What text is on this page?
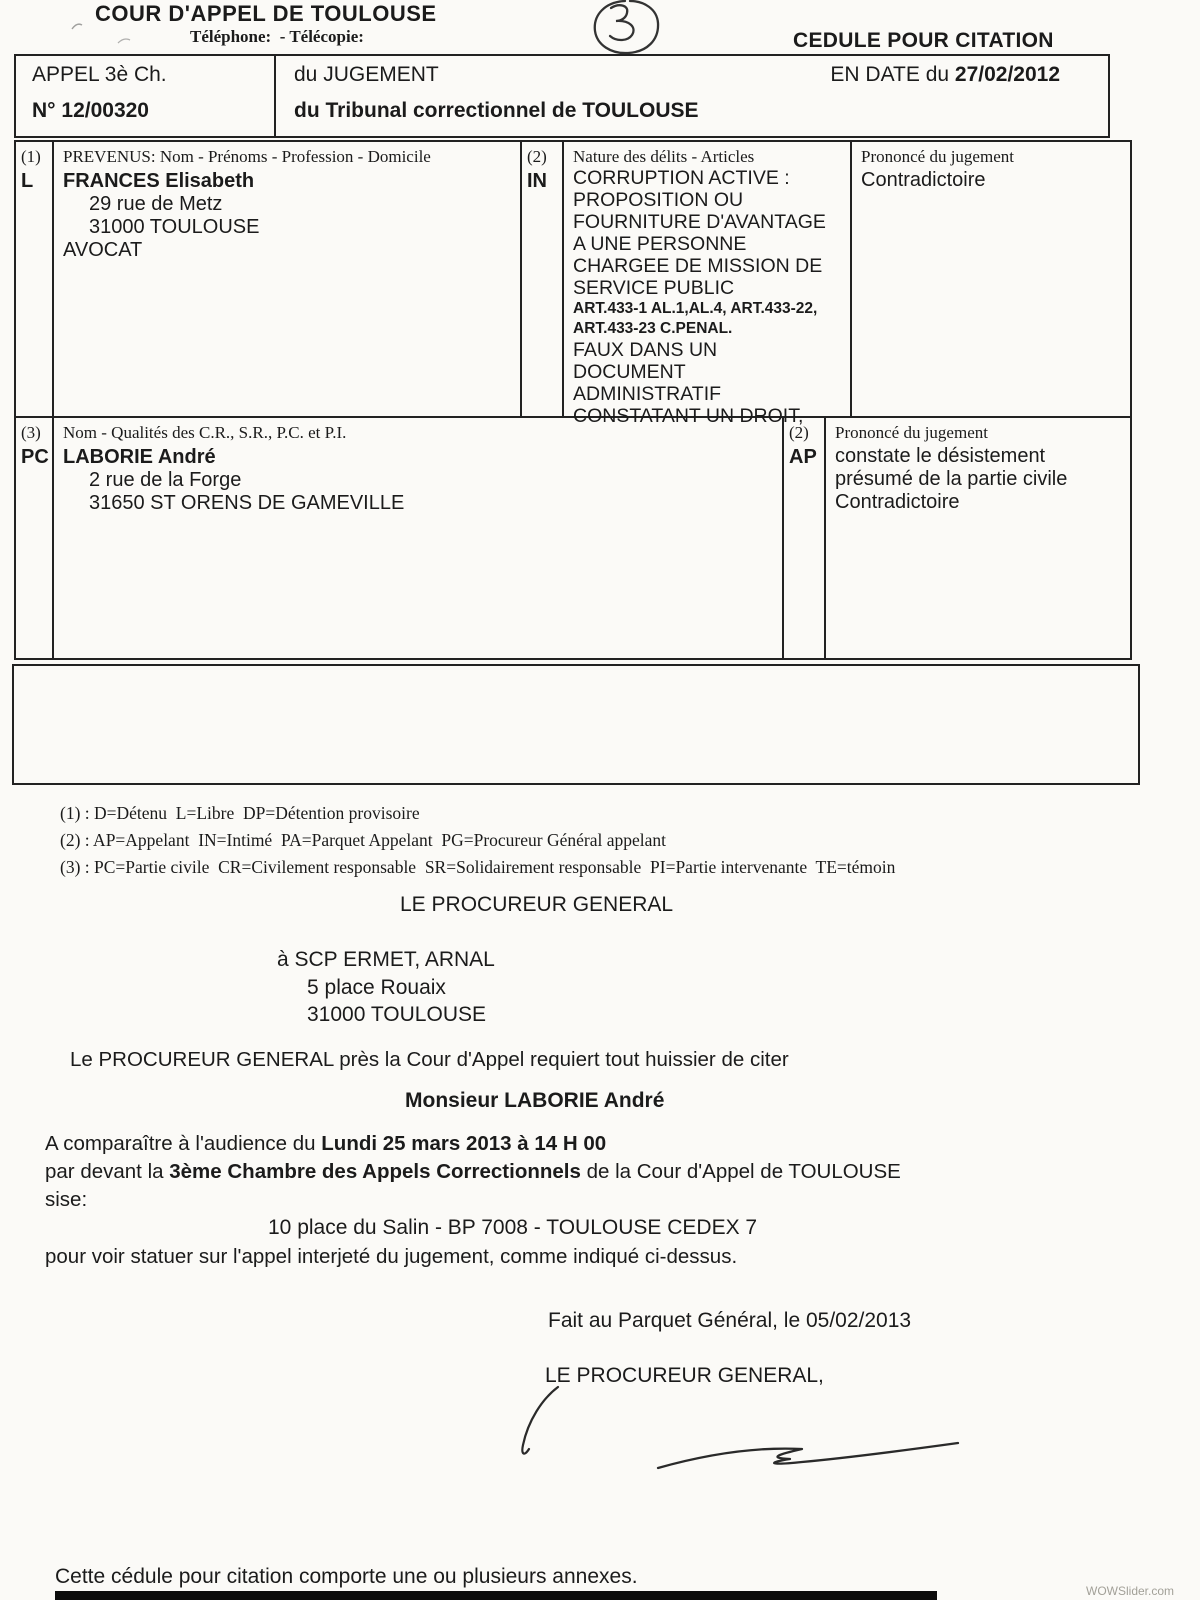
COUR D'APPEL DE TOULOUSE
Téléphone:  - Télécopie:	CEDULE POUR CITATION
APPEL 3è Ch.
N° 12/00320
du JUGEMENT
du Tribunal correctionnel de TOULOUSE
EN DATE du 27/02/2012
(1)
L
PREVENUS: Nom - Prénoms - Profession - Domicile
FRANCES Elisabeth
29 rue de Metz
31000 TOULOUSE
AVOCAT
(2)
IN
Nature des délits - Articles
CORRUPTION ACTIVE :
PROPOSITION OU
FOURNITURE D'AVANTAGE
A UNE PERSONNE
CHARGEE DE MISSION DE
SERVICE PUBLIC
ART.433-1 AL.1,AL.4, ART.433-22,
ART.433-23 C.PENAL.
FAUX DANS UN
DOCUMENT
ADMINISTRATIF
CONSTATANT UN DROIT,
Prononcé du jugement
Contradictoire
(3)
PC
Nom - Qualités des C.R., S.R., P.C. et P.I.
LABORIE André
2 rue de la Forge
31650 ST ORENS DE GAMEVILLE
(2)
AP
Prononcé du jugement
constate le désistement
présumé de la partie civile
Contradictoire
(1) : D=Détenu  L=Libre  DP=Détention provisoire
(2) : AP=Appelant  IN=Intimé  PA=Parquet Appelant  PG=Procureur Général appelant
(3) : PC=Partie civile  CR=Civilement responsable  SR=Solidairement responsable  PI=Partie intervenante  TE=témoin
LE PROCUREUR GENERAL
à SCP ERMET, ARNAL
5 place Rouaix
31000 TOULOUSE
Le PROCUREUR GENERAL près la Cour d'Appel requiert tout huissier de citer
Monsieur LABORIE André
A comparaître à l'audience du Lundi 25 mars 2013 à 14 H 00
par devant la 3ème Chambre des Appels Correctionnels de la Cour d'Appel de TOULOUSE
sise:
10 place du Salin - BP 7008 - TOULOUSE CEDEX 7
pour voir statuer sur l'appel interjeté du jugement, comme indiqué ci-dessus.
Fait au Parquet Général, le 05/02/2013
LE PROCUREUR GENERAL,
Cette cédule pour citation comporte une ou plusieurs annexes.
WOWSlider.com
